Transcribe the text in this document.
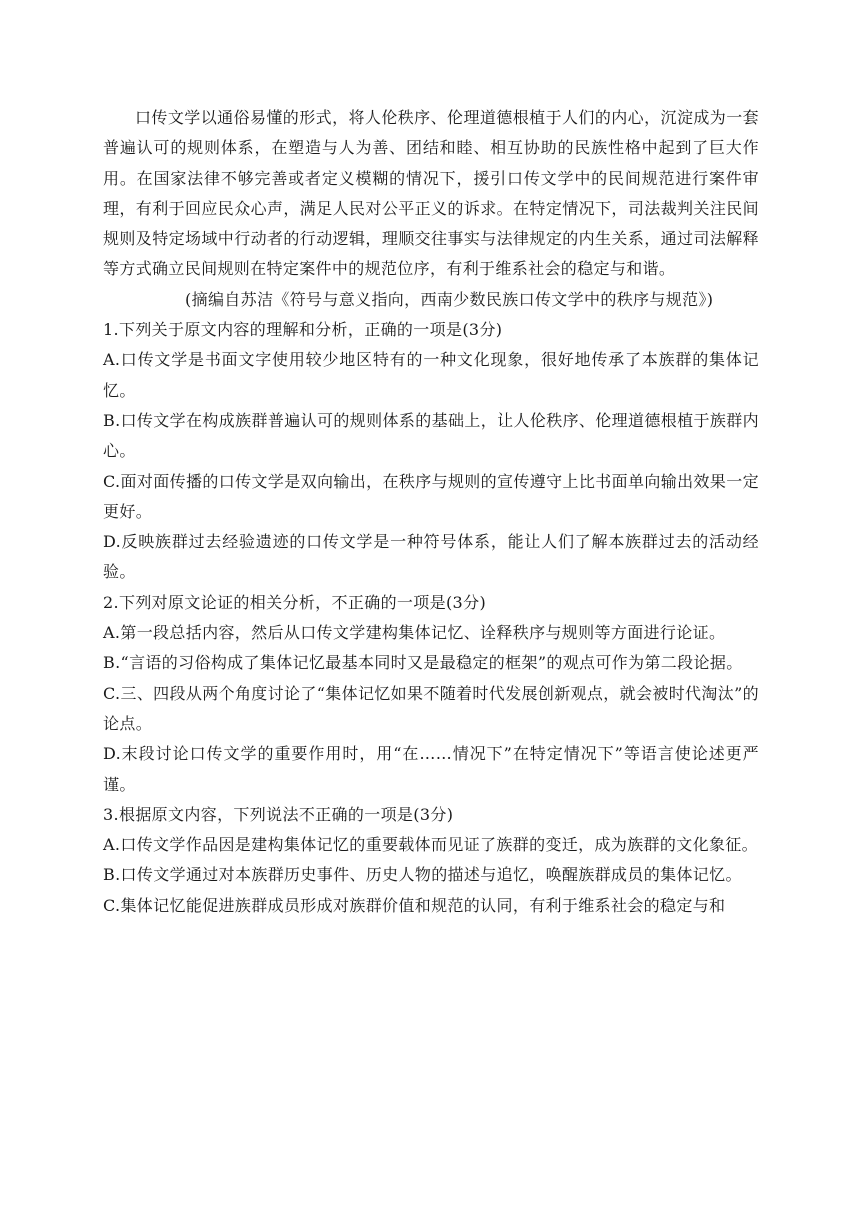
口传文学以通俗易懂的形式，将人伦秩序、伦理道德根植于人们的内心，沉淀成为一套普遍认可的规则体系，在塑造与人为善、团结和睦、相互协助的民族性格中起到了巨大作用。在国家法律不够完善或者定义模糊的情况下，援引口传文学中的民间规范进行案件审理，有利于回应民众心声，满足人民对公平正义的诉求。在特定情况下，司法裁判关注民间规则及特定场域中行动者的行动逻辑，理顺交往事实与法律规定的内生关系，通过司法解释等方式确立民间规则在特定案件中的规范位序，有利于维系社会的稳定与和谐。

(摘编自苏洁《符号与意义指向，西南少数民族口传文学中的秩序与规范》)

1.下列关于原文内容的理解和分析，正确的一项是(3分)

A.口传文学是书面文字使用较少地区特有的一种文化现象，很好地传承了本族群的集体记忆。

B.口传文学在构成族群普遍认可的规则体系的基础上，让人伦秩序、伦理道德根植于族群内心。

C.面对面传播的口传文学是双向输出，在秩序与规则的宣传遵守上比书面单向输出效果一定更好。

D.反映族群过去经验遗迹的口传文学是一种符号体系，能让人们了解本族群过去的活动经验。

2.下列对原文论证的相关分析，不正确的一项是(3分)

A.第一段总括内容，然后从口传文学建构集体记忆、诠释秩序与规则等方面进行论证。

B.“言语的习俗构成了集体记忆最基本同时又是最稳定的框架”的观点可作为第二段论据。

C.三、四段从两个角度讨论了“集体记忆如果不随着时代发展创新观点，就会被时代淘汰”的论点。

D.末段讨论口传文学的重要作用时，用“在……情况下”在特定情况下”等语言使论述更严谨。

3.根据原文内容，下列说法不正确的一项是(3分)

A.口传文学作品因是建构集体记忆的重要载体而见证了族群的变迁，成为族群的文化象征。

B.口传文学通过对本族群历史事件、历史人物的描述与追忆，唤醒族群成员的集体记忆。

C.集体记忆能促进族群成员形成对族群价值和规范的认同，有利于维系社会的稳定与和
